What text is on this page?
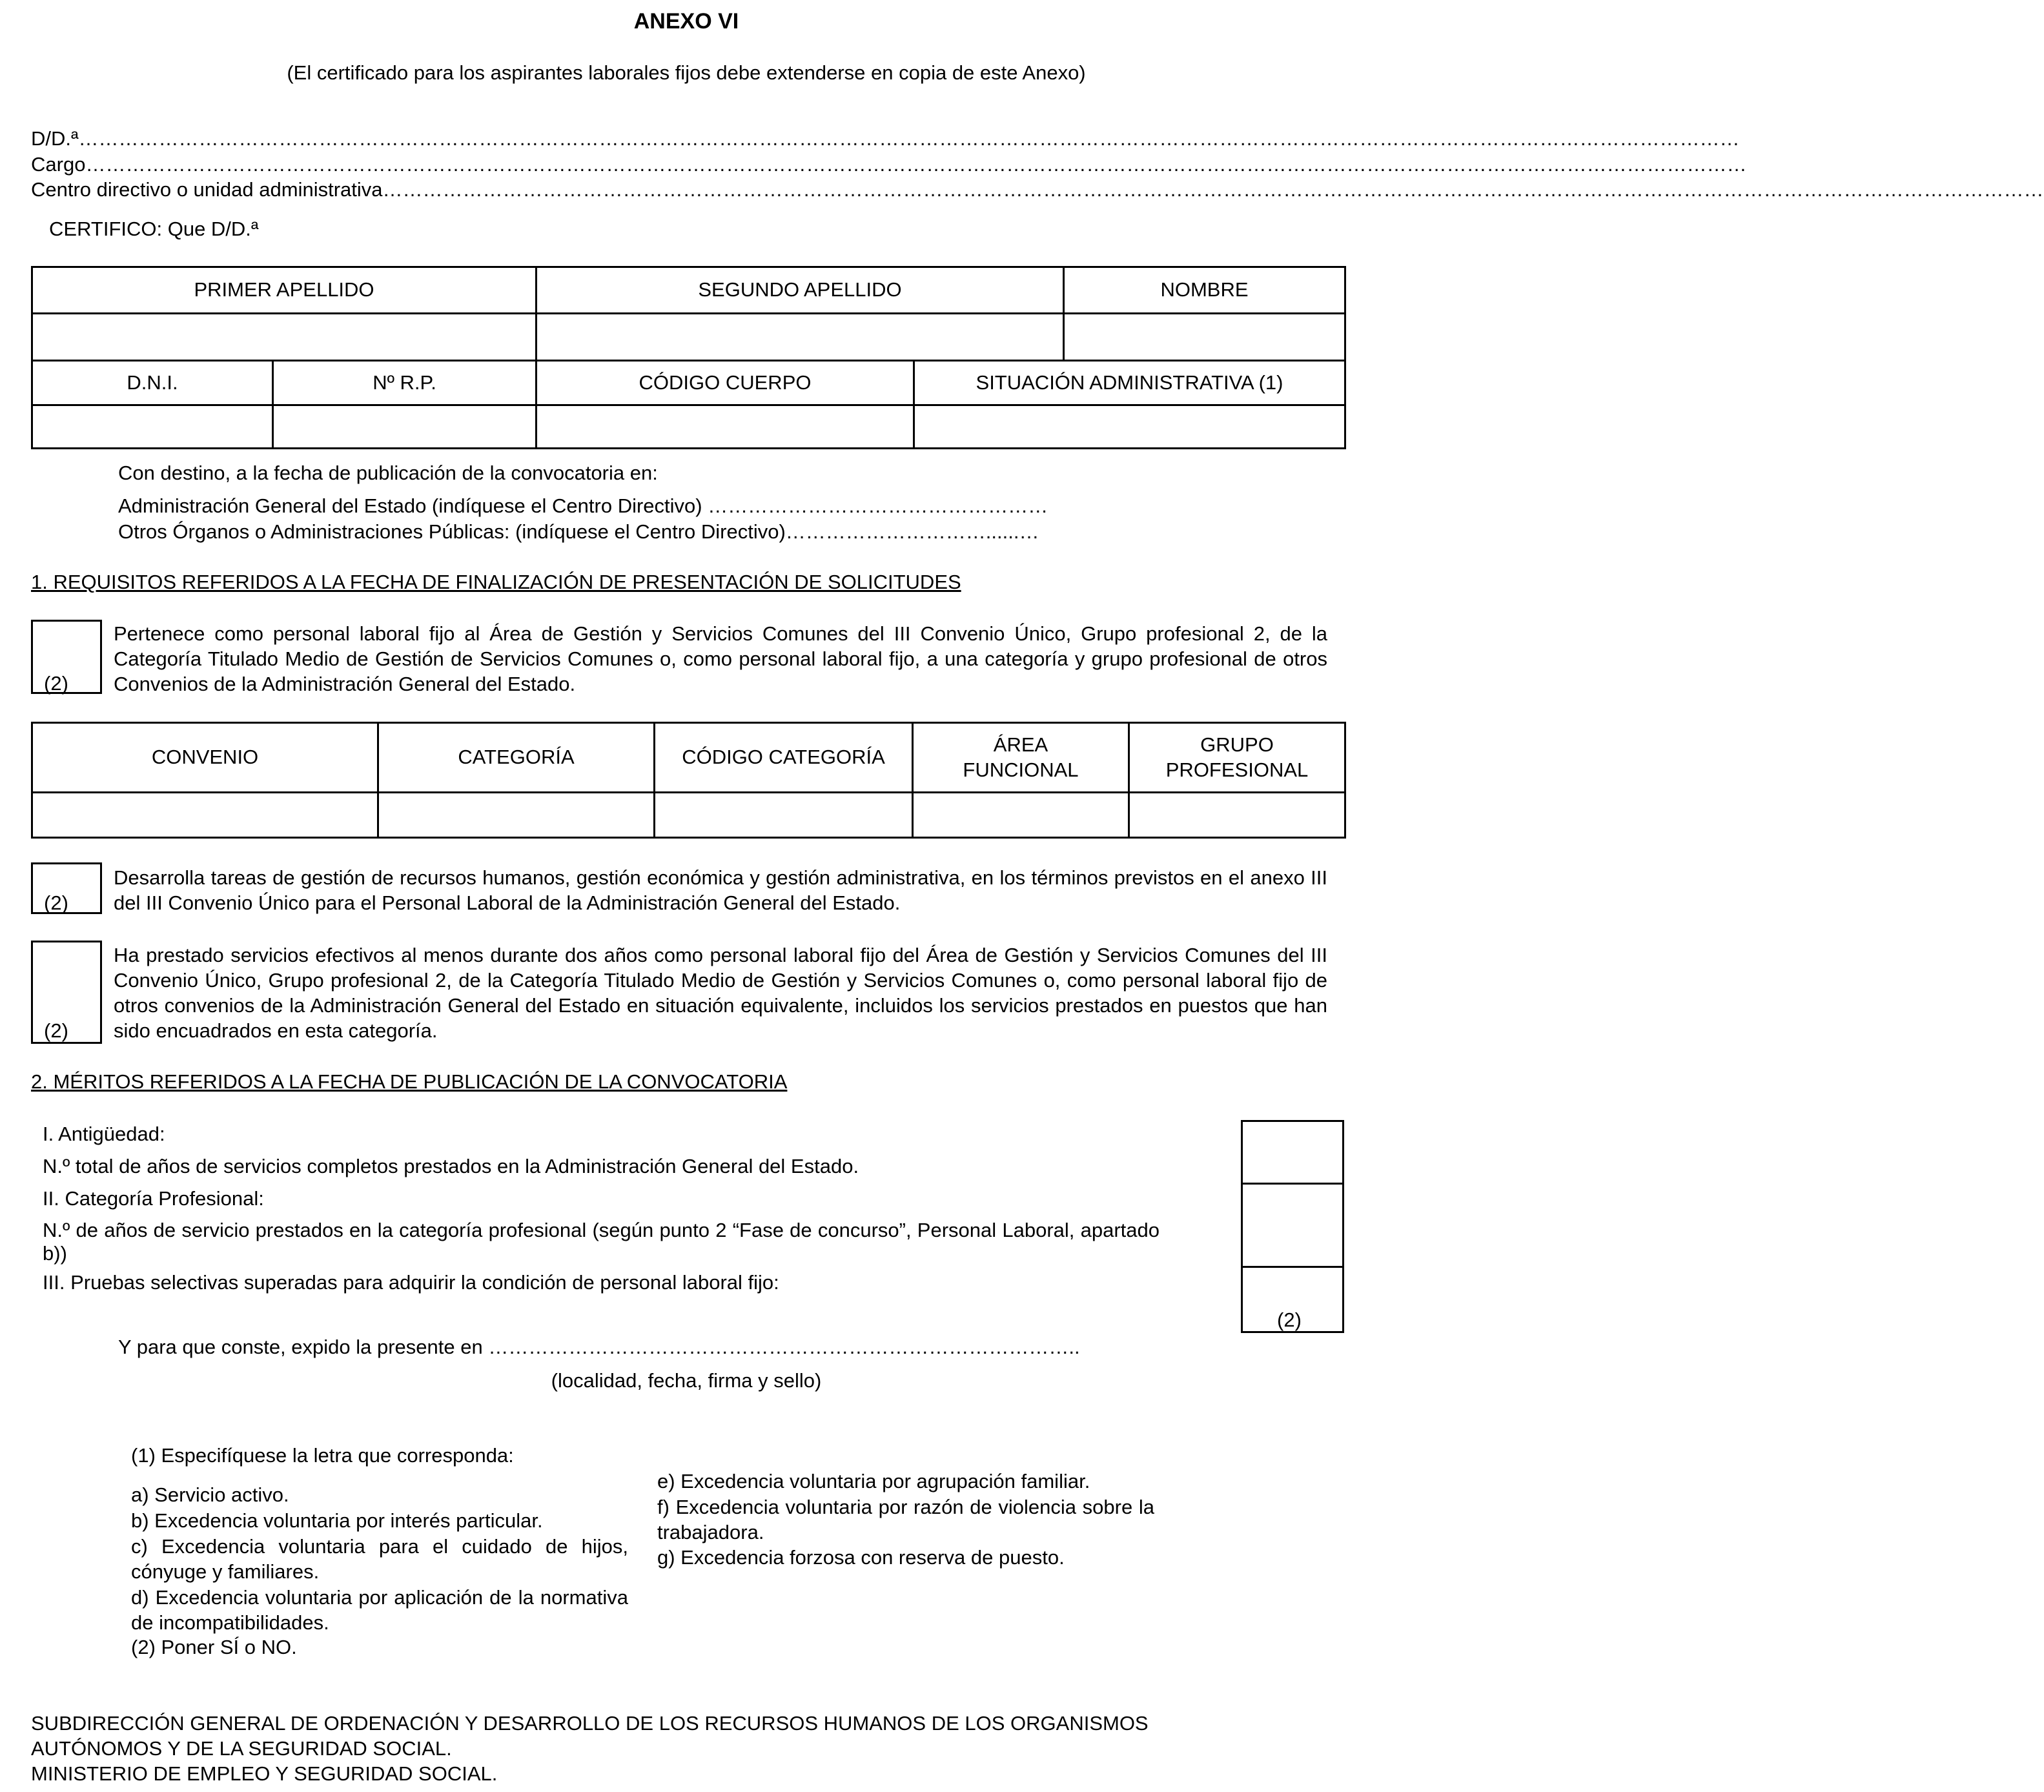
ANEXO VI
(El certificado para los aspirantes laborales fijos debe extenderse en copia de este Anexo)
D/D.ª ……………………………………………………………………………………………………………………………………………………………………………………………………………………………
Cargo ……………………………………………………………………………………………………………………………………………………………………………………………………………………………
Centro directivo o unidad administrativa ……………………………………………………………………………………………………………………………………………………………………………………………………………………………
CERTIFICO: Que D/D.ª
PRIMER APELLIDO		SEGUNDO APELLIDO NOMBRE	

D.N.I.	Nº R.P.	CÓDIGO CUERPO	SITUACIÓN ADMINISTRATIVA (1)

Con destino, a la fecha de publicación de la convocatoria en:
Administración General del Estado (indíquese el Centro Directivo) ……………………………………………
Otros Órganos o Administraciones Públicas: (indíquese el Centro Directivo)…………………………......…
1. REQUISITOS REFERIDOS A LA FECHA DE FINALIZACIÓN DE PRESENTACIÓN DE SOLICITUDES
(2)
Pertenece como personal laboral fijo al Área de Gestión y Servicios Comunes del III Convenio Único, Grupo profesional 2, de la Categoría Titulado Medio de Gestión de Servicios Comunes o, como personal laboral fijo, a una categoría y grupo profesional de otros Convenios de la Administración General del Estado.
CONVENIO	CATEGORÍA	CÓDIGO CATEGORÍA	ÁREA FUNCIONAL	GRUPO PROFESIONAL

(2)
Desarrolla tareas de gestión de recursos humanos, gestión económica y gestión administrativa, en los términos previstos en el anexo III del III Convenio Único para el Personal Laboral de la Administración General del Estado.
(2)
Ha prestado servicios efectivos al menos durante dos años como personal laboral fijo del Área de Gestión y Servicios Comunes del III Convenio Único, Grupo profesional 2, de la Categoría Titulado Medio de Gestión y Servicios Comunes o, como personal laboral fijo de otros convenios de la Administración General del Estado en situación equivalente, incluidos los servicios prestados en puestos que han sido encuadrados en esta categoría.
2. MÉRITOS REFERIDOS A LA FECHA DE PUBLICACIÓN DE LA CONVOCATORIA
I. Antigüedad:
N.º total de años de servicios completos prestados en la Administración General del Estado.
II. Categoría Profesional:
N.º de años de servicio prestados en la categoría profesional (según punto 2 “Fase de concurso”, Personal Laboral, apartado b))
III. Pruebas selectivas superadas para adquirir la condición de personal laboral fijo:
(2)
Y para que conste, expido la presente en ……………………………………………………………………………..
(localidad, fecha, firma y sello)
(1) Especifíquese la letra que corresponda:
a) Servicio activo.
b) Excedencia voluntaria por interés particular.
c) Excedencia voluntaria para el cuidado de hijos, cónyuge y familiares.
d) Excedencia voluntaria por aplicación de la normativa de incompatibilidades.
(2) Poner SÍ o NO.
e) Excedencia voluntaria por agrupación familiar.
f) Excedencia voluntaria por razón de violencia sobre la trabajadora.
g) Excedencia forzosa con reserva de puesto.
SUBDIRECCIÓN GENERAL DE ORDENACIÓN Y DESARROLLO DE LOS RECURSOS HUMANOS DE LOS ORGANISMOS AUTÓNOMOS Y DE LA SEGURIDAD SOCIAL.
MINISTERIO DE EMPLEO Y SEGURIDAD SOCIAL.
